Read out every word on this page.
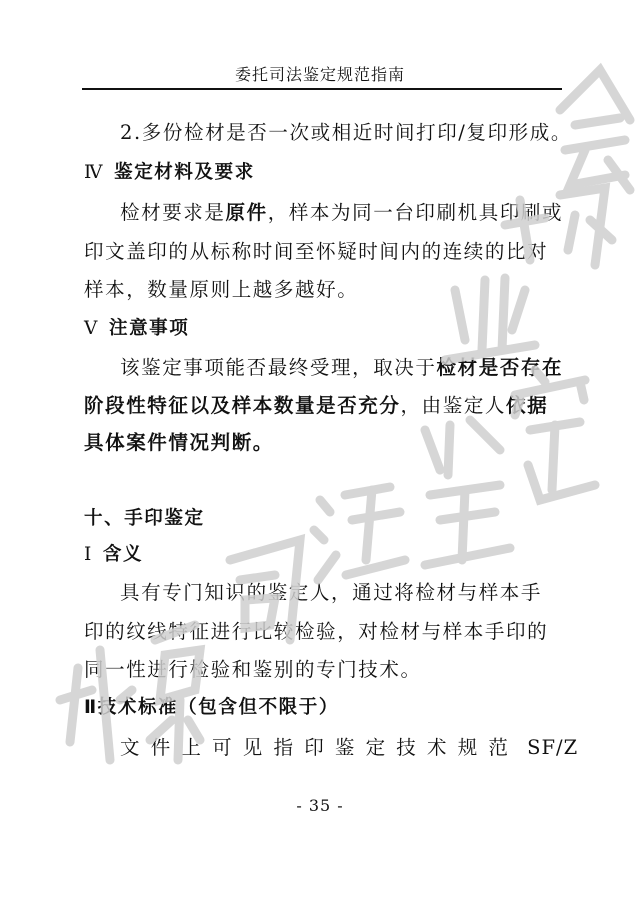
委托司法鉴定规范指南
2.多份检材是否一次或相近时间打印/复印形成。
Ⅳ 鉴定材料及要求
检材要求是原件，样本为同一台印刷机具印刷或
印文盖印的从标称时间至怀疑时间内的连续的比对
样本，数量原则上越多越好。
Ⅴ 注意事项
该鉴定事项能否最终受理，取决于检材是否存在
阶段性特征以及样本数量是否充分，由鉴定人依据
具体案件情况判断。
十、手印鉴定
Ⅰ 含义
具有专门知识的鉴定人，通过将检材与样本手
印的纹线特征进行比较检验，对检材与样本手印的
同一性进行检验和鉴别的专门技术。
Ⅱ技术标准（包含但不限于）
文件上可见指印鉴定技术规范 SF/Z
- 35 -
